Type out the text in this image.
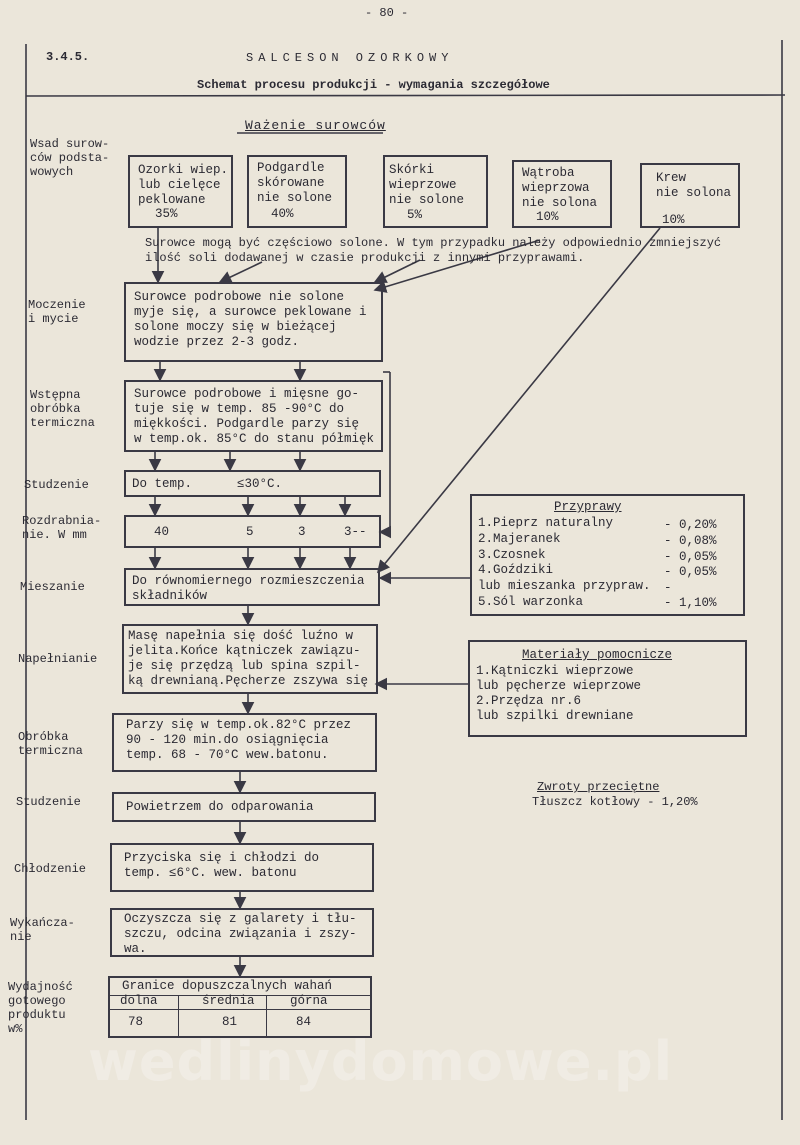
- 80 -
3.4.5.	SALCESON OZORKOWY
Schemat procesu produkcji - wymagania szczegółowe
Ważenie surowców
Wsad surow-
ców podsta-
wowych
Moczenie
i mycie
Wstępna
obróbka
termiczna
Studzenie
Rozdrabnia-
nie. W mm
Mieszanie
Napełnianie
Obróbka
termiczna
Studzenie
Chłodzenie
Wykańcza-
nie
Wydajność
gotowego
produktu
w%
Ozorki wiep.
lub cielęce
peklowane
35%
Podgardle
skórowane
nie solone
40%
Skórki
wieprzowe
nie solone
5%
Wątroba
wieprzowa
nie solona
10%
Krew
nie solona
10%
Surowce mogą być częściowo solone. W tym przypadku należy odpowiednio zmniejszyć
ilość soli dodawanej w czasie produkcji z innymi przyprawami.
Surowce podrobowe nie solone
myje się, a surowce peklowane i
solone moczy się w bieżącej
wodzie przez 2-3 godz.
Surowce podrobowe i mięsne go-
tuje się w temp. 85 -90°C do
miękkości. Podgardle parzy się
w temp.ok. 85°C do stanu półmięk
Do temp.      ≤30°C.
40	5	3	3--
Do równomiernego rozmieszczenia
składników
Masę napełnia się dość luźno w
jelita.Końce kątniczek zawiązu-
je się przędzą lub spina szpil-
ką drewnianą.Pęcherze zszywa się
Parzy się w temp.ok.82°C przez
90 - 120 min.do osiągnięcia
temp. 68 - 70°C wew.batonu.
Powietrzem do odparowania
Przyciska się i chłodzi do
temp. ≤6°C. wew. batonu
Oczyszcza się z galarety i tłu-
szczu, odcina związania i zszy-
wa.
Przyprawy
1.Pieprz naturalny	- 0,20%
2.Majeranek	- 0,08%
3.Czosnek	- 0,05%
4.Goździki	- 0,05%
lub mieszanka przypraw. -
5.Sól warzonka	- 1,10%
Materiały pomocnicze
1.Kątniczki wieprzowe
lub pęcherze wieprzowe
2.Przędza nr.6
lub szpilki drewniane
Zwroty przeciętne
Tłuszcz kotłowy - 1,20%
Granice dopuszczalnych wahań
dolna	średnia	górna
78	81	84
wedlinydomowe.pl
